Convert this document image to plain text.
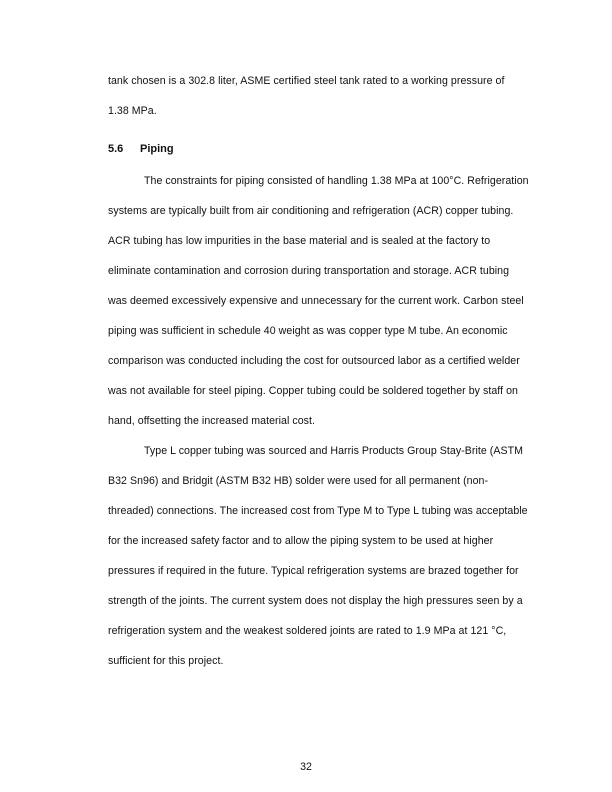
tank chosen is a 302.8 liter, ASME certified steel tank rated to a working pressure of
1.38 MPa.
5.6 Piping
The constraints for piping consisted of handling 1.38 MPa at 100°C. Refrigeration
systems are typically built from air conditioning and refrigeration (ACR) copper tubing.
ACR tubing has low impurities in the base material and is sealed at the factory to
eliminate contamination and corrosion during transportation and storage. ACR tubing
was deemed excessively expensive and unnecessary for the current work. Carbon steel
piping was sufficient in schedule 40 weight as was copper type M tube. An economic
comparison was conducted including the cost for outsourced labor as a certified welder
was not available for steel piping. Copper tubing could be soldered together by staff on
hand, offsetting the increased material cost.
Type L copper tubing was sourced and Harris Products Group Stay-Brite (ASTM
B32 Sn96) and Bridgit (ASTM B32 HB) solder were used for all permanent (non-
threaded) connections. The increased cost from Type M to Type L tubing was acceptable
for the increased safety factor and to allow the piping system to be used at higher
pressures if required in the future. Typical refrigeration systems are brazed together for
strength of the joints. The current system does not display the high pressures seen by a
refrigeration system and the weakest soldered joints are rated to 1.9 MPa at 121 °C,
sufficient for this project.
32
